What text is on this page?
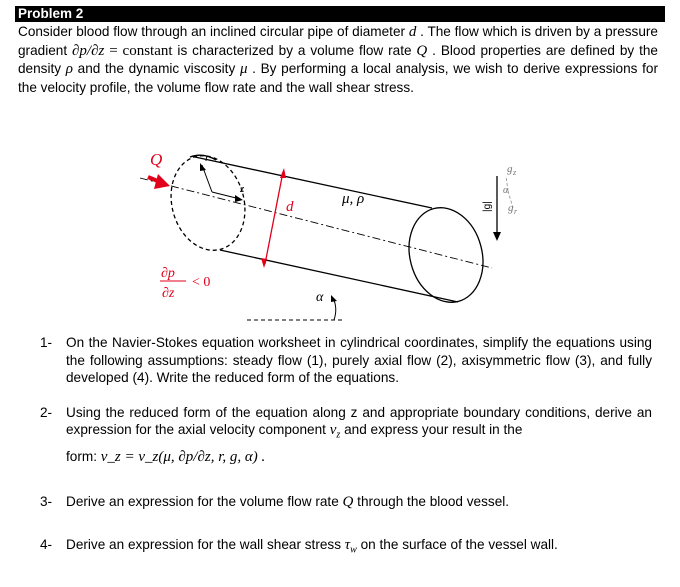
Problem 2

Consider blood flow through an inclined circular pipe of diameter d . The flow which is driven by a pressure gradient ∂p/∂z = constant is characterized by a volume flow rate Q . Blood properties are defined by the density ρ and the dynamic viscosity μ . By performing a local analysis, we wish to derive expressions for the velocity profile, the volume flow rate and the wall shear stress.

Q	r
z
d	μ, ρ
∂p
∂z
< 0
α
|g|
g z
α
g r
1- On the Navier-Stokes equation worksheet in cylindrical coordinates, simplify the equations using the following assumptions: steady flow (1), purely axial flow (2), axisymmetric flow (3), and fully developed (4). Write the reduced form of the equations.
2- Using the reduced form of the equation along z and appropriate boundary conditions, derive an expression for the axial velocity component $v_z$ and express your result in the
form: v_z = v_z(μ, ∂p/∂z, r, g, α) .
3- Derive an expression for the volume flow rate Q through the blood vessel.
4- Derive an expression for the wall shear stress $\tau_w$ on the surface of the vessel wall.
